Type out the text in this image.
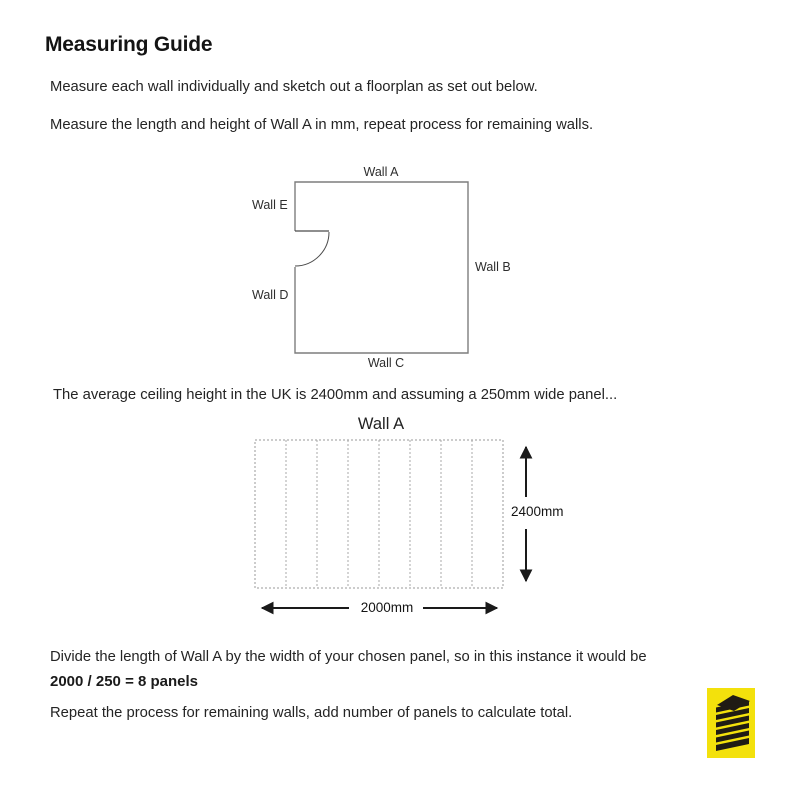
Measuring Guide

Measure each wall individually and sketch out a floorplan as set out below.

Measure the length and height of Wall A in mm, repeat process for remaining walls.

Wall A
Wall E
Wall B
Wall D
Wall C

The average ceiling height in the UK is 2400mm and assuming a 250mm wide panel...

Wall A
2400mm
2000mm

Divide the length of Wall A by the width of your chosen panel, so in this instance it would be

2000 / 250 = 8 panels

Repeat the process for remaining walls, add number of panels to calculate total.
